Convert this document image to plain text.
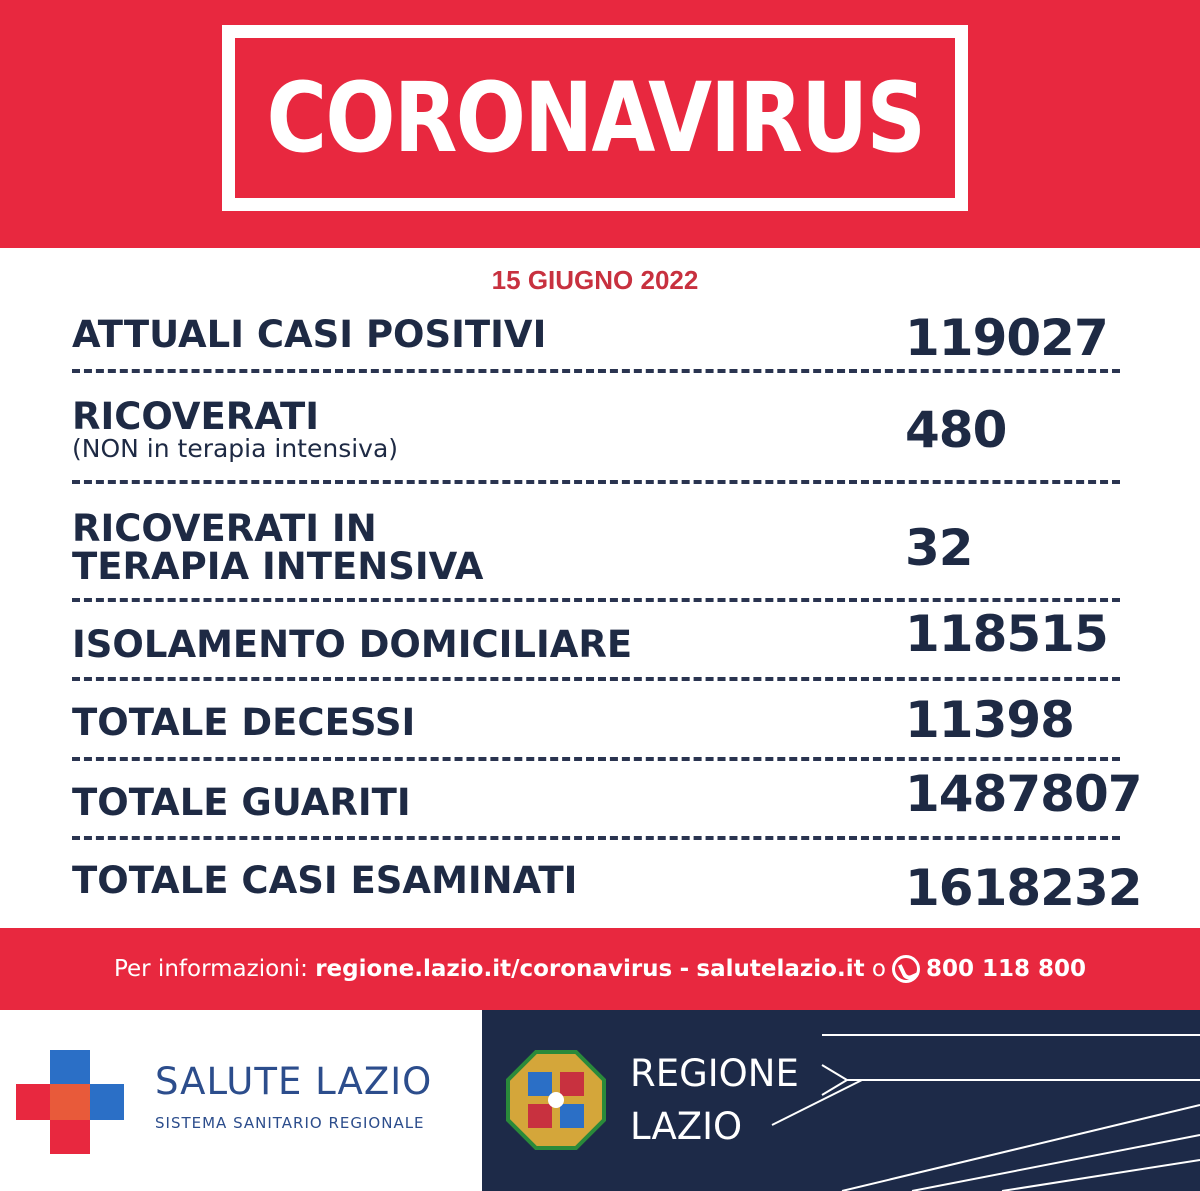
CORONAVIRUS
15 GIUGNO 2022
ATTUALI CASI POSITIVI	119027
RICOVERATI
(NON in terapia intensiva)	480
RICOVERATI IN
TERAPIA INTENSIVA	32
ISOLAMENTO DOMICILIARE	118515
TOTALE DECESSI	11398
TOTALE GUARITI	1487807
TOTALE CASI ESAMINATI	1618232
Per informazioni:
regione.lazio.it/coronavirus
-
salutelazio.it
o 800 118 800
SALUTE LAZIO
SISTEMA SANITARIO REGIONALE
REGIONE
LAZIO
